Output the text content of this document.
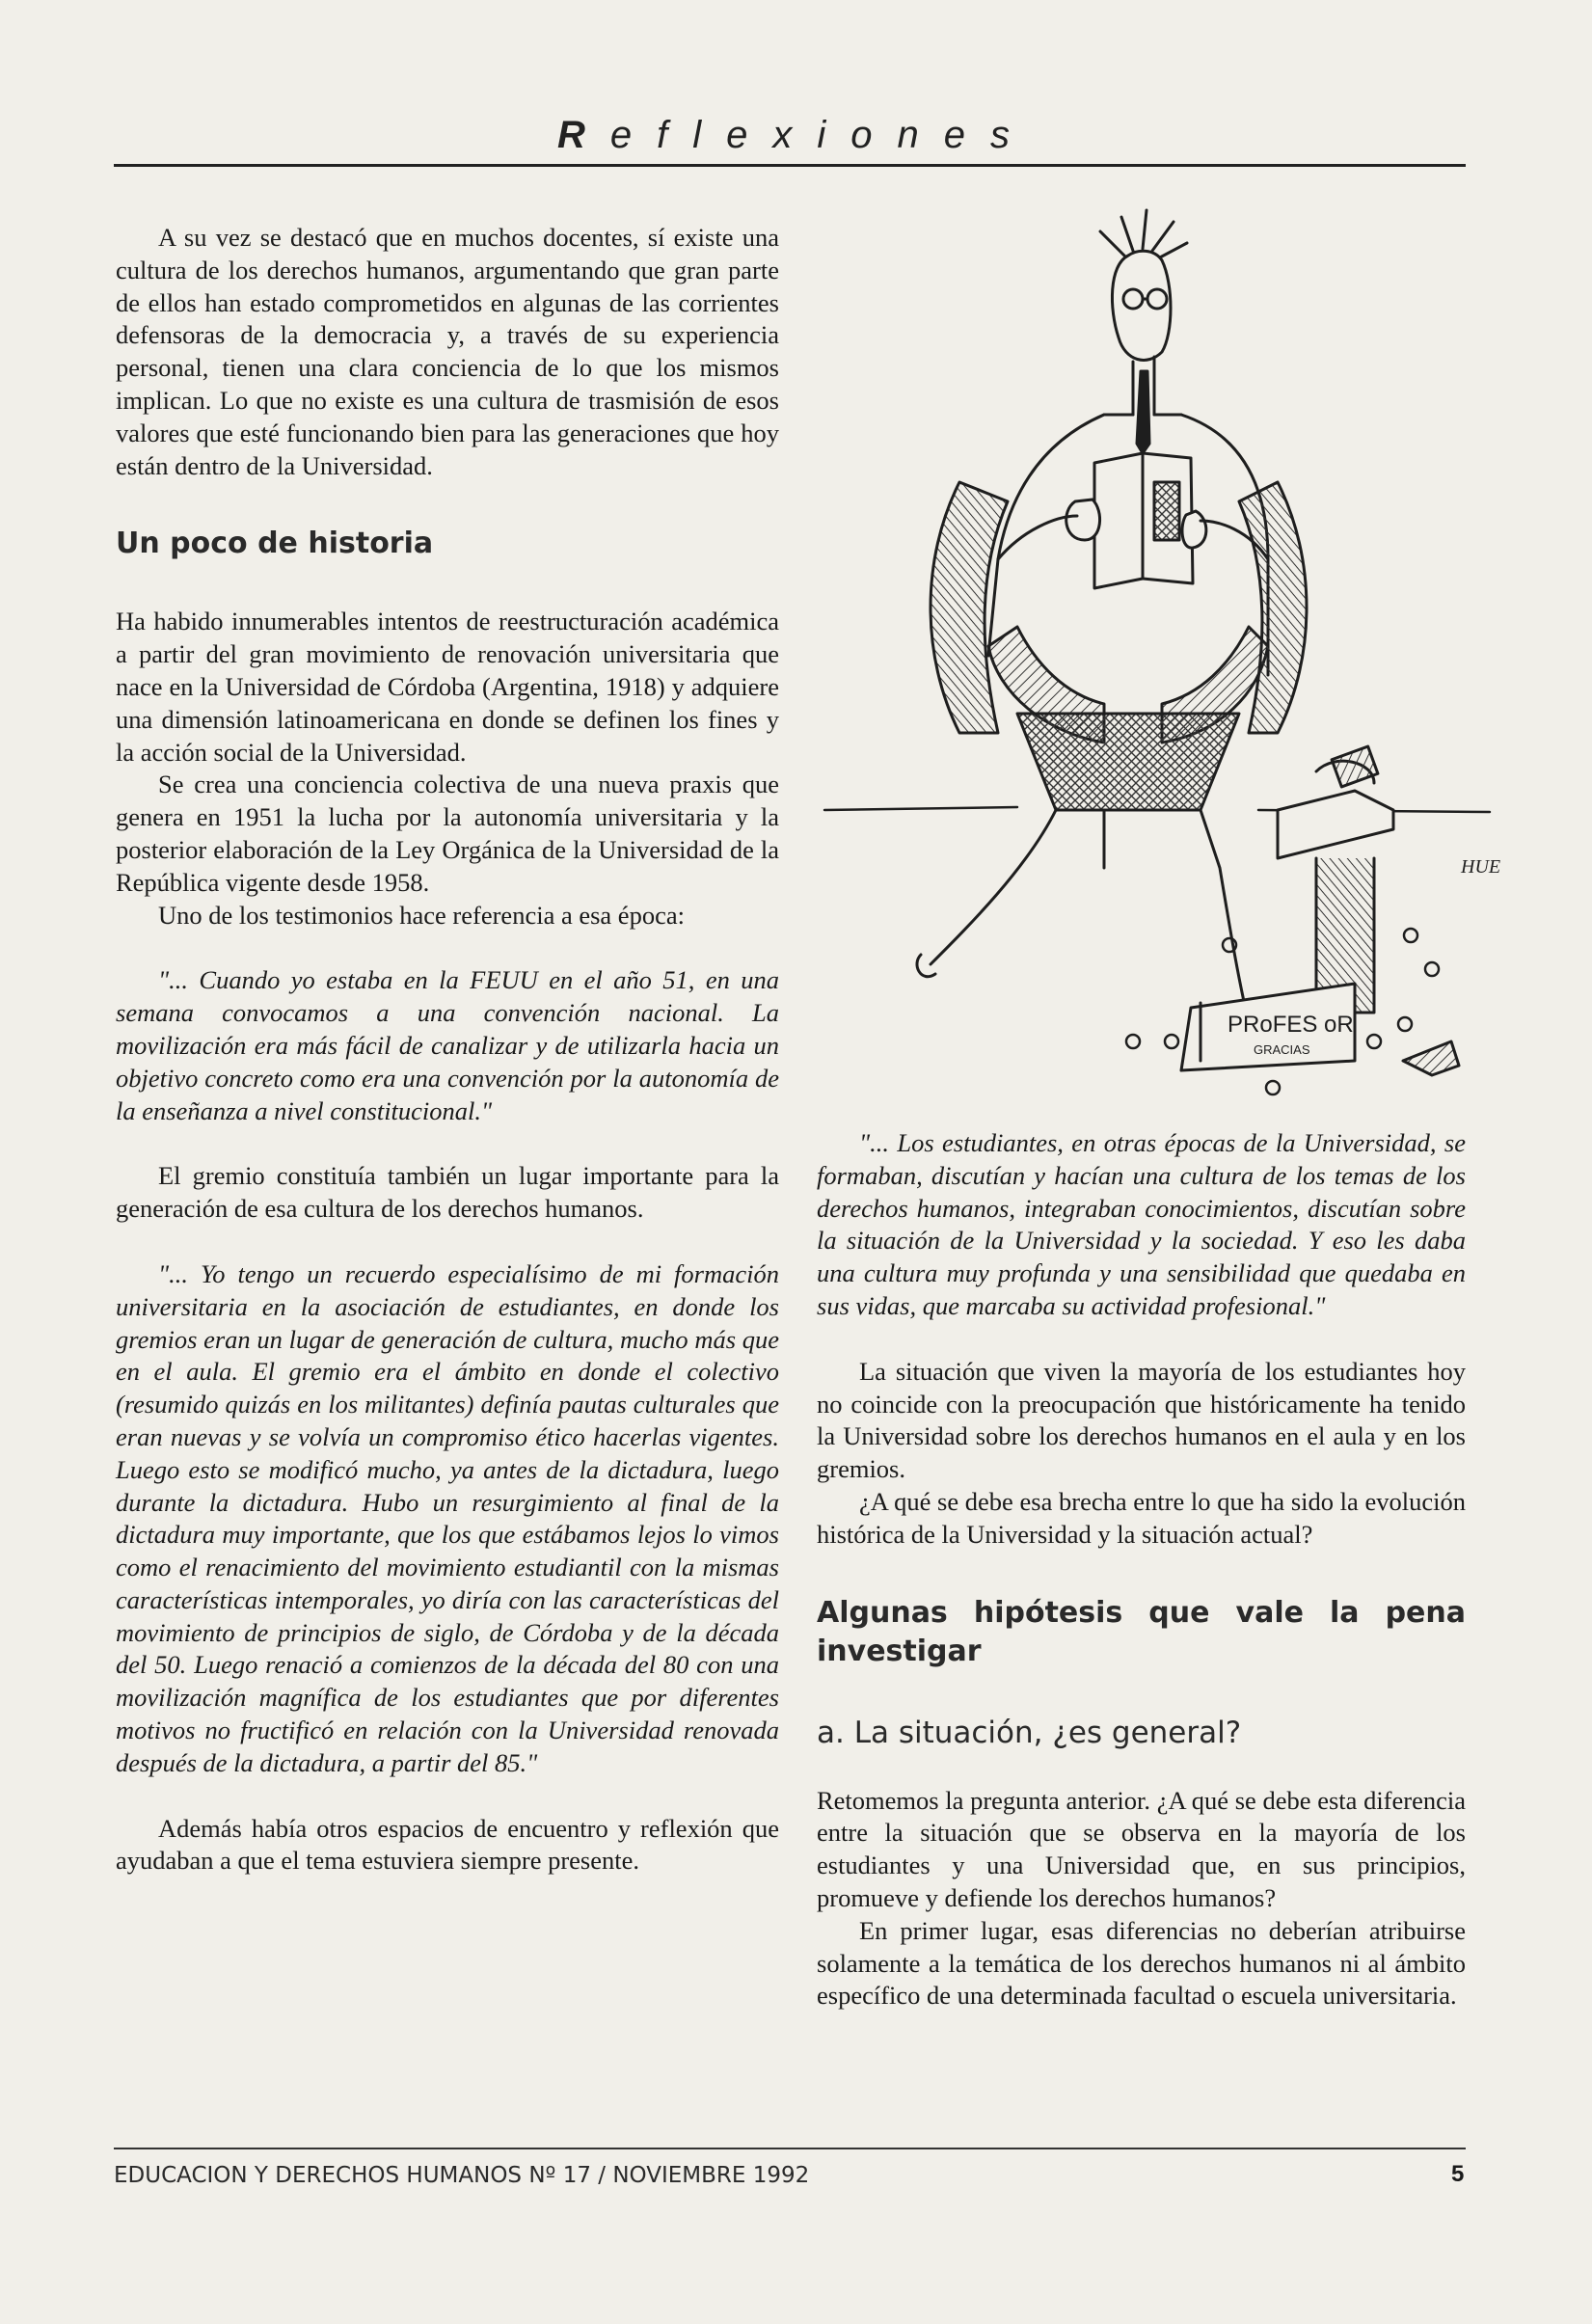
Reflexiones

A su vez se destacó que en muchos docentes, sí existe una cultura de los derechos humanos, argumentando que gran parte de ellos han estado comprometidos en algunas de las corrientes defensoras de la democracia y, a través de su experiencia personal, tienen una clara conciencia de lo que los mismos implican. Lo que no existe es una cultura de trasmisión de esos valores que esté funcionando bien para las generaciones que hoy están dentro de la Universidad.

Un poco de historia

Ha habido innumerables intentos de reestructuración académica a partir del gran movimiento de renovación universitaria que nace en la Universidad de Córdoba (Argentina, 1918) y adquiere una dimensión latinoamericana en donde se definen los fines y la acción social de la Universidad.

Se crea una conciencia colectiva de una nueva praxis que genera en 1951 la lucha por la autonomía universitaria y la posterior elaboración de la Ley Orgánica de la Universidad de la República vigente desde 1958.

Uno de los testimonios hace referencia a esa época:

"... Cuando yo estaba en la FEUU en el año 51, en una semana convocamos a una convención nacional. La movilización era más fácil de canalizar y de utilizarla hacia un objetivo concreto como era una convención por la autonomía de la enseñanza a nivel constitucional."

El gremio constituía también un lugar importante para la generación de esa cultura de los derechos humanos.

"... Yo tengo un recuerdo especialísimo de mi formación universitaria en la asociación de estudiantes, en donde los gremios eran un lugar de generación de cultura, mucho más que en el aula. El gremio era el ámbito en donde el colectivo (resumido quizás en los militantes) definía pautas culturales que eran nuevas y se volvía un compromiso ético hacerlas vigentes. Luego esto se modificó mucho, ya antes de la dictadura, luego durante la dictadura. Hubo un resurgimiento al final de la dictadura muy importante, que los que estábamos lejos lo vimos como el renacimiento del movimiento estudiantil con la mismas características intemporales, yo diría con las características del movimiento de principios de siglo, de Córdoba y de la década del 50. Luego renació a comienzos de la década del 80 con una movilización magnífica de los estudiantes que por diferentes motivos no fructificó en relación con la Universidad renovada después de la dictadura, a partir del 85."

Además había otros espacios de encuentro y reflexión que ayudaban a que el tema estuviera siempre presente.

PRoFES oR
GRACIAS
HUE

"... Los estudiantes, en otras épocas de la Universidad, se formaban, discutían y hacían una cultura de los temas de los derechos humanos, integraban conocimientos, discutían sobre la situación de la Universidad y la sociedad. Y eso les daba una cultura muy profunda y una sensibilidad que quedaba en sus vidas, que marcaba su actividad profesional."

La situación que viven la mayoría de los estudiantes hoy no coincide con la preocupación que históricamente ha tenido la Universidad sobre los derechos humanos en el aula y en los gremios.

¿A qué se debe esa brecha entre lo que ha sido la evolución histórica de la Universidad y la situación actual?

Algunas hipótesis que vale la pena investigar
a. La situación, ¿es general?

Retomemos la pregunta anterior. ¿A qué se debe esta diferencia entre la situación que se observa en la mayoría de los estudiantes y una Universidad que, en sus principios, promueve y defiende los derechos humanos?

En primer lugar, esas diferencias no deberían atribuirse solamente a la temática de los derechos humanos ni al ámbito específico de una determinada facultad o escuela universitaria.

EDUCACION Y DERECHOS HUMANOS Nº 17 / NOVIEMBRE 1992	5
